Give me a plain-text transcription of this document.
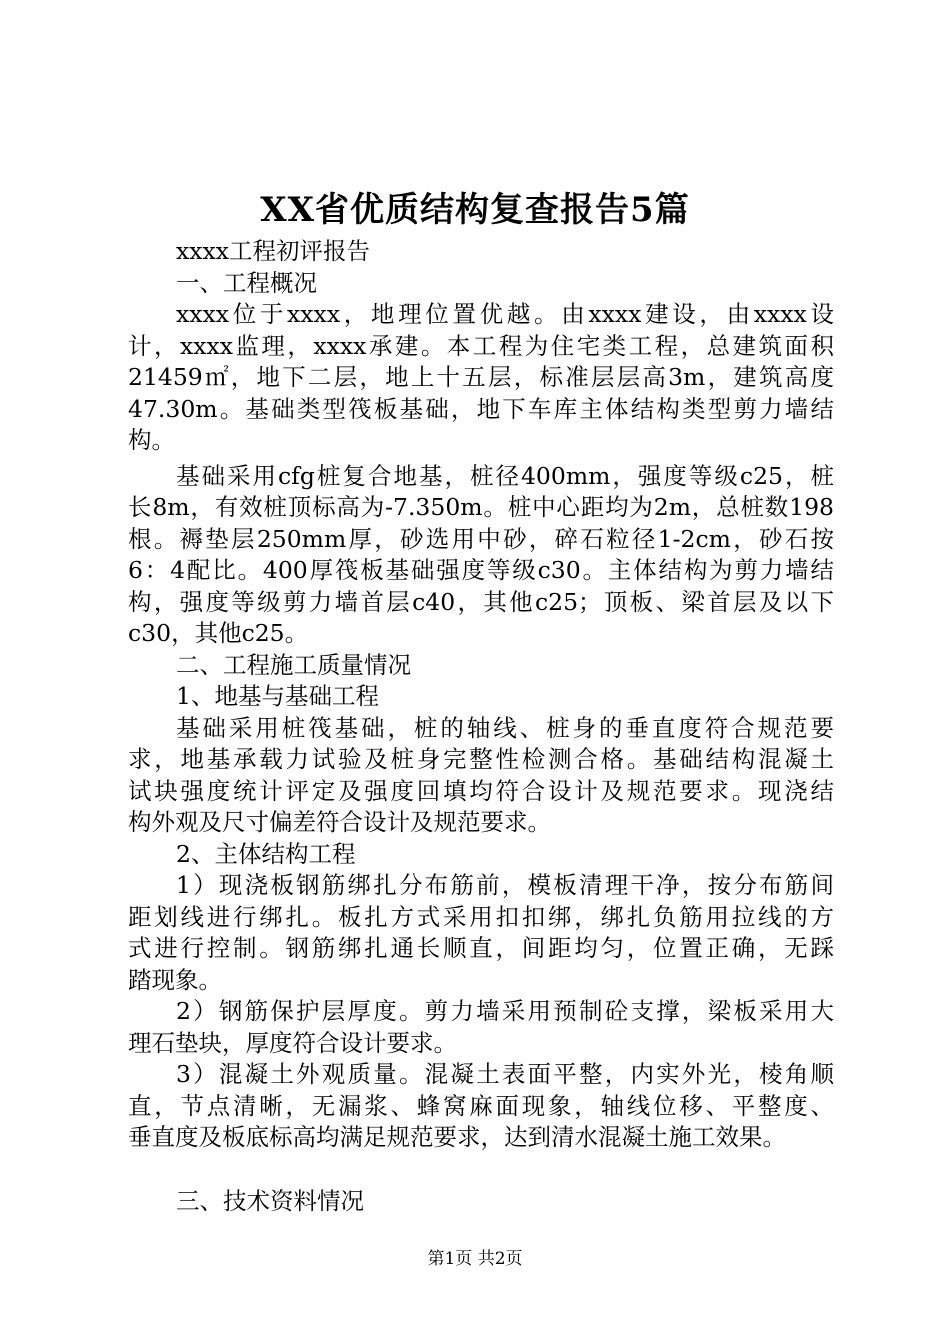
XX省优质结构复查报告5篇
xxxx工程初评报告
一、工程概况
xxxx位于xxxx，地理位置优越。由xxxx建设，由xxxx设
计，xxxx监理，xxxx承建。本工程为住宅类工程，总建筑面积
21459㎡，地下二层，地上十五层，标准层层高3m，建筑高度
47.30m。基础类型筏板基础，地下车库主体结构类型剪力墙结
构。
基础采用cfg桩复合地基，桩径400mm，强度等级c25，桩
长8m，有效桩顶标高为-7.350m。桩中心距均为2m，总桩数198
根。褥垫层250mm厚，砂选用中砂，碎石粒径1-2cm，砂石按
6：4配比。400厚筏板基础强度等级c30。主体结构为剪力墙结
构，强度等级剪力墙首层c40，其他c25；顶板、梁首层及以下
c30，其他c25。
二、工程施工质量情况
1、地基与基础工程
基础采用桩筏基础，桩的轴线、桩身的垂直度符合规范要
求，地基承载力试验及桩身完整性检测合格。基础结构混凝土
试块强度统计评定及强度回填均符合设计及规范要求。现浇结
构外观及尺寸偏差符合设计及规范要求。
2、主体结构工程
1）现浇板钢筋绑扎分布筋前，模板清理干净，按分布筋间
距划线进行绑扎。板扎方式采用扣扣绑，绑扎负筋用拉线的方
式进行控制。钢筋绑扎通长顺直，间距均匀，位置正确，无踩
踏现象。
2）钢筋保护层厚度。剪力墙采用预制砼支撑，梁板采用大
理石垫块，厚度符合设计要求。
3）混凝土外观质量。混凝土表面平整，内实外光，棱角顺
直，节点清晰，无漏浆、蜂窝麻面现象，轴线位移、平整度、
垂直度及板底标高均满足规范要求，达到清水混凝土施工效果。
三、技术资料情况
第1页 共2页
